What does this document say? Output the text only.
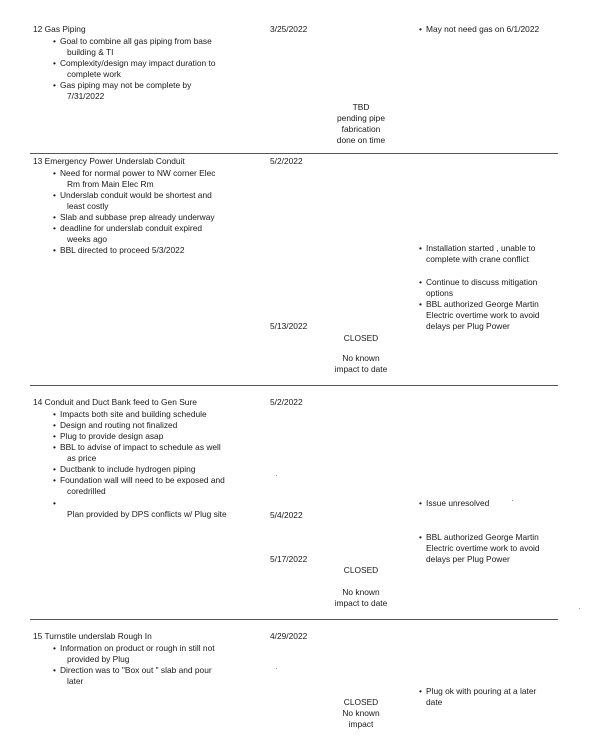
12 Gas Piping
• Goal to combine all gas piping from base
building & TI
• Complexity/design may impact duration to
complete work
• Gas piping may not be complete by
7/31/2022
3/25/2022
TBD
pending pipe
fabrication
done on time
• May not need gas on 6/1/2022
13 Emergency Power Underslab Conduit
• Need for normal power to NW corner Elec
Rm from Main Elec Rm
• Underslab conduit would be shortest and
least costly
• Slab and subbase prep already underway
• deadline for underslab conduit expired
weeks ago
• BBL directed to proceed 5/3/2022
5/2/2022
5/13/2022
CLOSED
No known
impact to date
• Installation started , unable to
complete with crane conflict
• Continue to discuss mitigation
options
• BBL authorized George Martin
Electric overtime work to avoid
delays per Plug Power
14 Conduit and Duct Bank feed to Gen Sure
• Impacts both site and building schedule
• Design and routing not finalized
• Plug to provide design asap
• BBL to advise of impact to schedule as well
as price
• Ductbank to include hydrogen piping
• Foundation wall will need to be exposed and
coredrilled
Plan provided by DPS conflicts w/ Plug site
5/2/2022
5/4/2022
5/17/2022
CLOSED
No known
impact to date
• Issue unresolved
• BBL authorized George Martin
Electric overtime work to avoid
delays per Plug Power
15 Turnstile underslab Rough In
• Information on product or rough in still not
provided by Plug
• Direction was to "Box out " slab and pour
later
4/29/2022
CLOSED
No known
impact
• Plug ok with pouring at a later
date
